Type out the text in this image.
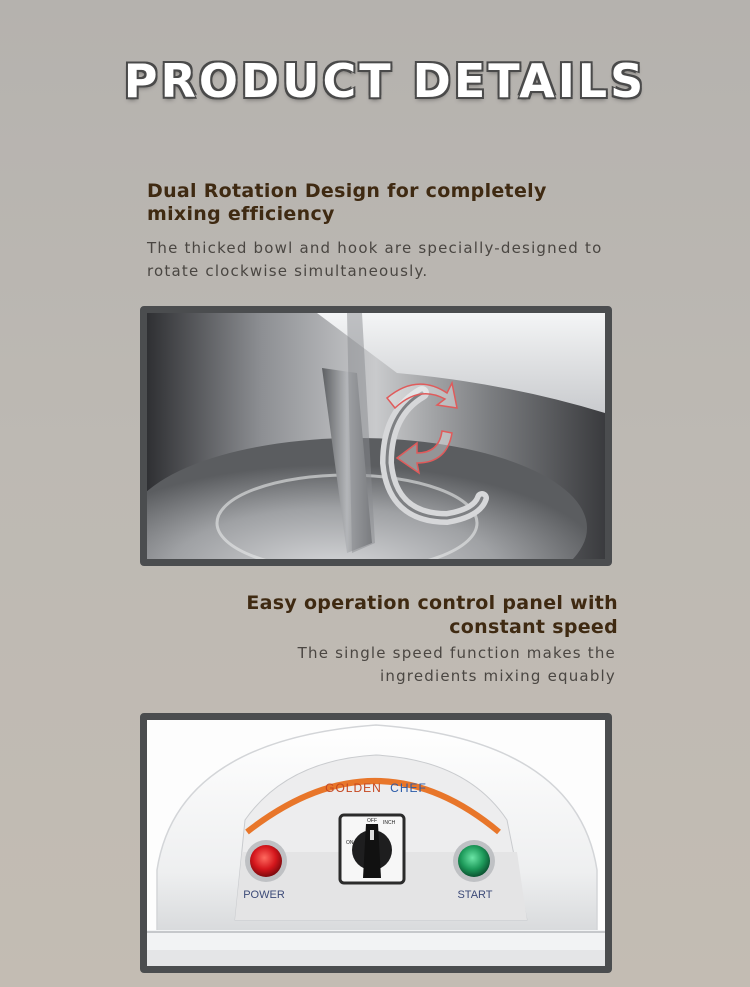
PRODUCT DETAILS
Dual Rotation Design for completely mixing efficiency

The thicked bowl and hook are specially-designed to rotate clockwise simultaneously.

Easy operation control panel with constant speed

The single speed function makes the ingredients mixing equably

GOLDEN CHEF
POWER	START
ON
OFF INCH
